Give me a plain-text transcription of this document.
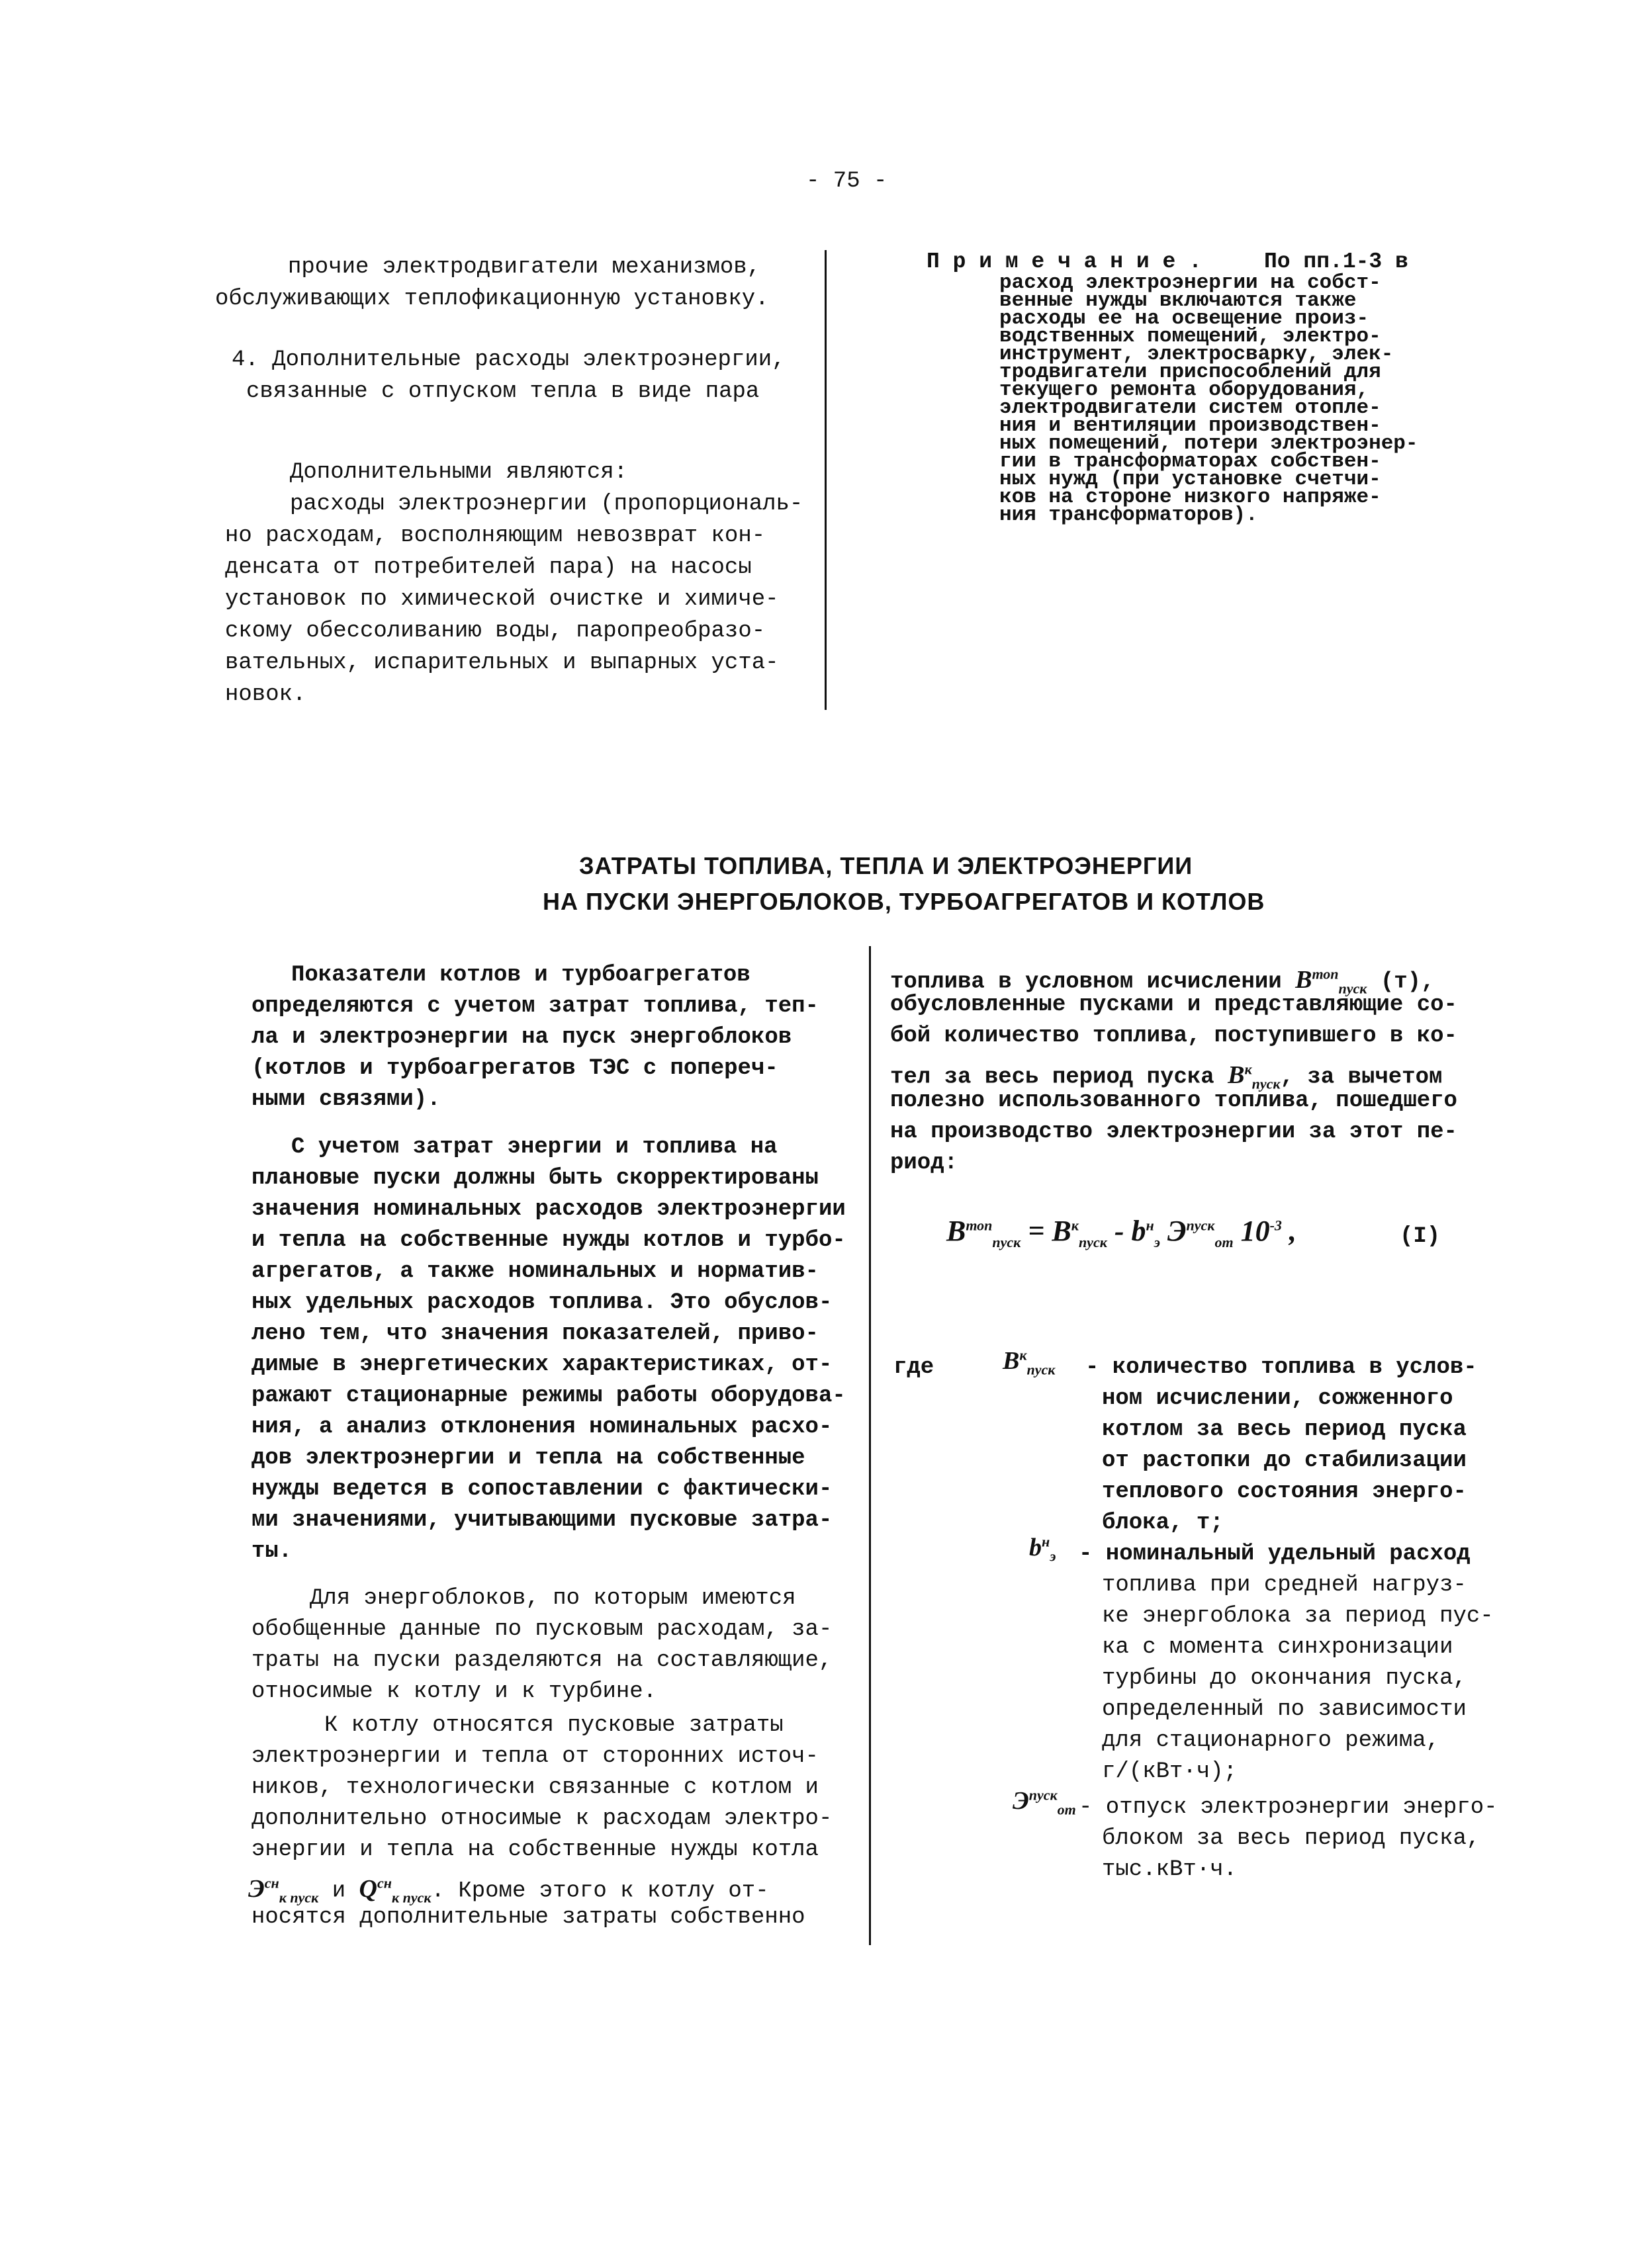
- 75 -
прочие электродвигатели механизмов,
обслуживающих теплофикационную установку.
4. Дополнительные расходы электроэнергии,
связанные с отпуском тепла в виде пара
Дополнительными являются:
расходы электроэнергии (пропорциональ-
но расходам, восполняющим невозврат кон-
денсата от потребителей пара) на насосы
установок по химической очистке и химиче-
скому обессоливанию воды, паропреобразо-
вательных, испарительных и выпарных уста-
новок.
П р и м е ч а н и е .	По пп.1-3 в
расход электроэнергии на собст-
венные нужды включаются также
расходы ее на освещение произ-
водственных помещений, электро-
инструмент, электросварку, элек-
тродвигатели приспособлений для
текущего ремонта оборудования,
электродвигатели систем отопле-
ния и вентиляции производствен-
ных помещений, потери электроэнер-
гии в трансформаторах собствен-
ных нужд (при установке счетчи-
ков на стороне низкого напряже-
ния трансформаторов).
ЗАТРАТЫ ТОПЛИВА, ТЕПЛА И ЭЛЕКТРОЭНЕРГИИ
НА ПУСКИ ЭНЕРГОБЛОКОВ, ТУРБОАГРЕГАТОВ И КОТЛОВ
Показатели котлов и турбоагрегатов
определяются с учетом затрат топлива, теп-
ла и электроэнергии на пуск энергоблоков
(котлов и турбоагрегатов ТЭС с попереч-
ными связями).
С учетом затрат энергии и топлива на
плановые пуски должны быть скорректированы
значения номинальных расходов электроэнергии
и тепла на собственные нужды котлов и турбо-
агрегатов, а также номинальных и норматив-
ных удельных расходов топлива. Это обуслов-
лено тем, что значения показателей, приво-
димые в энергетических характеристиках, от-
ражают стационарные режимы работы оборудова-
ния, а анализ отклонения номинальных расхо-
дов электроэнергии и тепла на собственные
нужды ведется в сопоставлении с фактически-
ми значениями, учитывающими пусковые затра-
ты.
Для энергоблоков, по которым имеются
обобщенные данные по пусковым расходам, за-
траты на пуски разделяются на составляющие,
относимые к котлу и к турбине.
К котлу относятся пусковые затраты
электроэнергии и тепла от сторонних источ-
ников, технологически связанные с котлом и
дополнительно относимые к расходам электро-
энергии и тепла на собственные нужды котла
$Э^{сн}_{к пуск}$ и $Q^{сн}_{к пуск}$. Кроме этого к котлу от-
носятся дополнительные затраты собственно
топлива в условном исчислении $В^{топ}_{пуск}$ (т),
обусловленные пусками и представляющие со-
бой количество топлива, поступившего в ко-
тел за весь период пуска $В^к_{пуск}$, за вычетом
полезно использованного топлива, пошедшего
на производство электроэнергии за этот пе-
риод:
$В^{топ}_{пуск} = В^к_{пуск} - b^н_э$ $Э^{пуск}_{от}$ $10^{-3}$ ,	(I)
где	$В^к_{пуск}$ - количество топлива в услов-
ном исчислении, сожженного
котлом за весь период пуска
от растопки до стабилизации
теплового состояния энерго-
блока, т;
$b^н_э$ - номинальный удельный расход
топлива при средней нагруз-
ке энергоблока за период пус-
ка с момента синхронизации
турбины до окончания пуска,
определенный по зависимости
для стационарного режима,
г/(кВт·ч);
$Э^{пуск}_{от}$ - отпуск электроэнергии энерго-
блоком за весь период пуска,
тыс.кВт·ч.
